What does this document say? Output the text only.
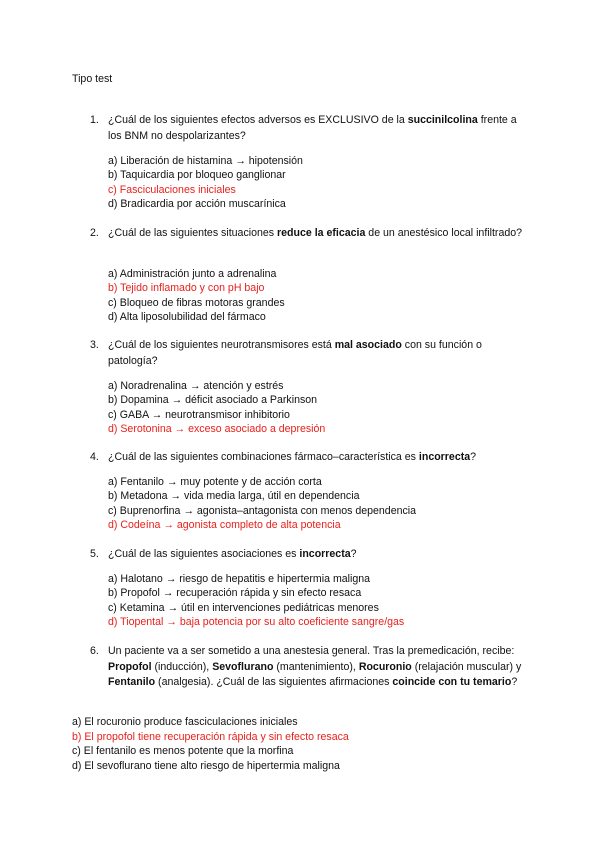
Tipo test
1. ¿Cuál de los siguientes efectos adversos es EXCLUSIVO de la succinilcolina frente a los BNM no despolarizantes?
a) Liberación de histamina → hipotensión
b) Taquicardia por bloqueo ganglionar
c) Fasciculaciones iniciales
d) Bradicardia por acción muscarínica
2. ¿Cuál de las siguientes situaciones reduce la eficacia de un anestésico local infiltrado?
a) Administración junto a adrenalina
b) Tejido inflamado y con pH bajo
c) Bloqueo de fibras motoras grandes
d) Alta liposolubilidad del fármaco
3. ¿Cuál de los siguientes neurotransmisores está mal asociado con su función o patología?
a) Noradrenalina → atención y estrés
b) Dopamina → déficit asociado a Parkinson
c) GABA → neurotransmisor inhibitorio
d) Serotonina → exceso asociado a depresión
4. ¿Cuál de las siguientes combinaciones fármaco–característica es incorrecta?
a) Fentanilo → muy potente y de acción corta
b) Metadona → vida media larga, útil en dependencia
c) Buprenorfina → agonista–antagonista con menos dependencia
d) Codeína → agonista completo de alta potencia
5. ¿Cuál de las siguientes asociaciones es incorrecta?
a) Halotano → riesgo de hepatitis e hipertermia maligna
b) Propofol → recuperación rápida y sin efecto resaca
c) Ketamina → útil en intervenciones pediátricas menores
d) Tiopental → baja potencia por su alto coeficiente sangre/gas
6. Un paciente va a ser sometido a una anestesia general. Tras la premedicación, recibe: Propofol (inducción), Sevoflurano (mantenimiento), Rocuronio (relajación muscular) y Fentanilo (analgesia). ¿Cuál de las siguientes afirmaciones coincide con tu temario?
a) El rocuronio produce fasciculaciones iniciales
b) El propofol tiene recuperación rápida y sin efecto resaca
c) El fentanilo es menos potente que la morfina
d) El sevoflurano tiene alto riesgo de hipertermia maligna
